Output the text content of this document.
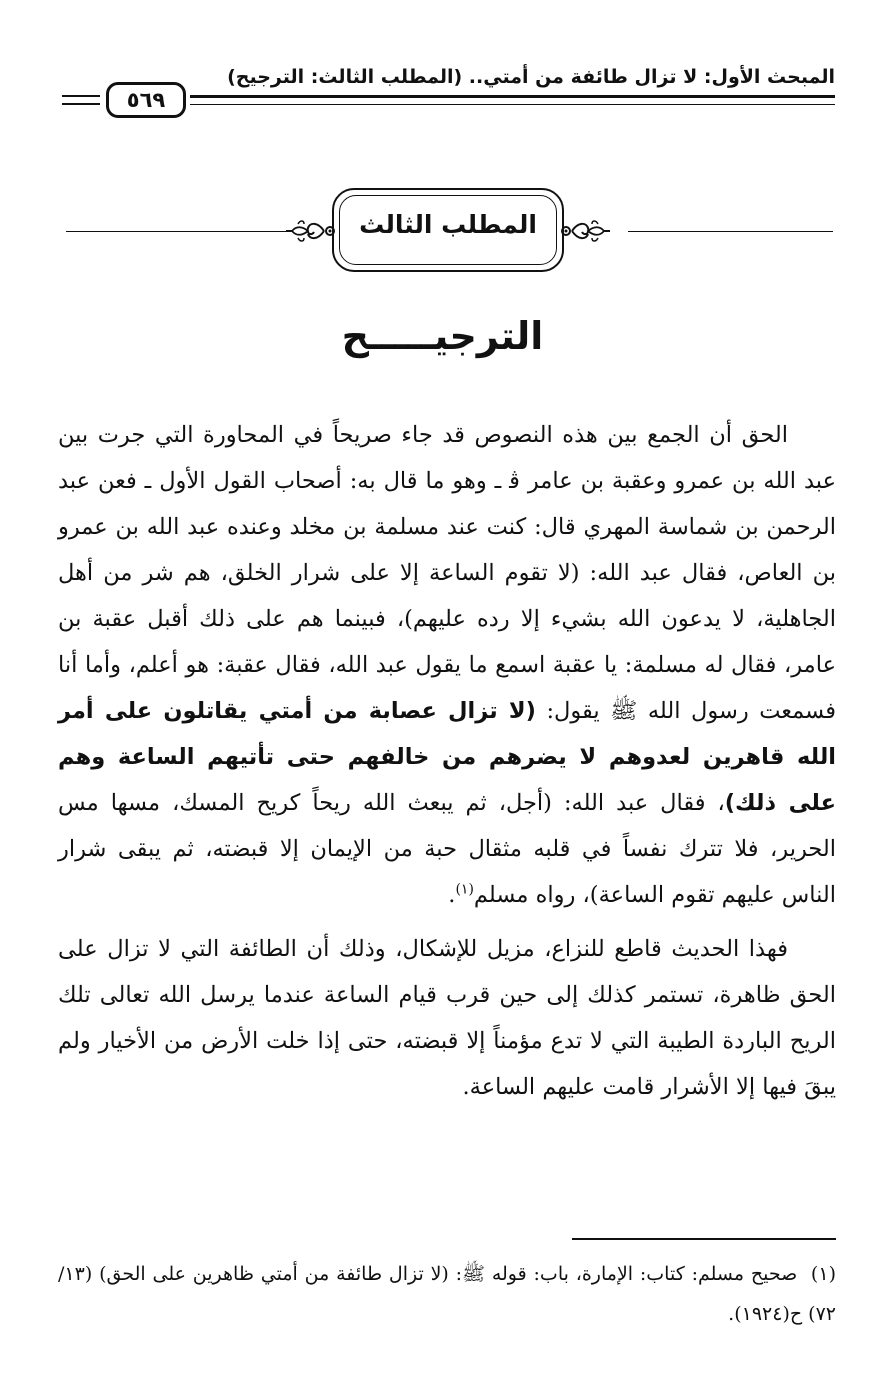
المبحث الأول: لا تزال طائفة من أمتي.. (المطلب الثالث: الترجيح)
٥٦٩
المطلب الثالث
الترجيـــــح

الحق أن الجمع بين هذه النصوص قد جاء صريحاً في المحاورة التي جرت بين عبد الله بن عمرو وعقبة بن عامر ﭬ ـ وهو ما قال به: أصحاب القول الأول ـ فعن عبد الرحمن بن شماسة المهري قال: كنت عند مسلمة بن مخلد وعنده عبد الله بن عمرو بن العاص، فقال عبد الله: (لا تقوم الساعة إلا على شرار الخلق، هم شر من أهل الجاهلية، لا يدعون الله بشيء إلا رده عليهم)، فبينما هم على ذلك أقبل عقبة بن عامر، فقال له مسلمة: يا عقبة اسمع ما يقول عبد الله، فقال عقبة: هو أعلم، وأما أنا فسمعت رسول الله ﷺ يقول: (لا تزال عصابة من أمتي يقاتلون على أمر الله قاهرين لعدوهم لا يضرهم من خالفهم حتى تأتيهم الساعة وهم على ذلك)، فقال عبد الله: (أجل، ثم يبعث الله ريحاً كريح المسك، مسها مس الحرير، فلا تترك نفساً في قلبه مثقال حبة من الإيمان إلا قبضته، ثم يبقى شرار الناس عليهم تقوم الساعة)، رواه مسلم$^{(١)}$.

فهذا الحديث قاطع للنزاع، مزيل للإشكال، وذلك أن الطائفة التي لا تزال على الحق ظاهرة، تستمر كذلك إلى حين قرب قيام الساعة عندما يرسل الله تعالى تلك الريح الباردة الطيبة التي لا تدع مؤمناً إلا قبضته، حتى إذا خلت الأرض من الأخيار ولم يبقَ فيها إلا الأشرار قامت عليهم الساعة.

(١)  صحيح مسلم: كتاب: الإمارة، باب: قوله ﷺ: (لا تزال طائفة من أمتي ظاهرين على الحق) (١٣/ ٧٢) ح(١٩٢٤).
